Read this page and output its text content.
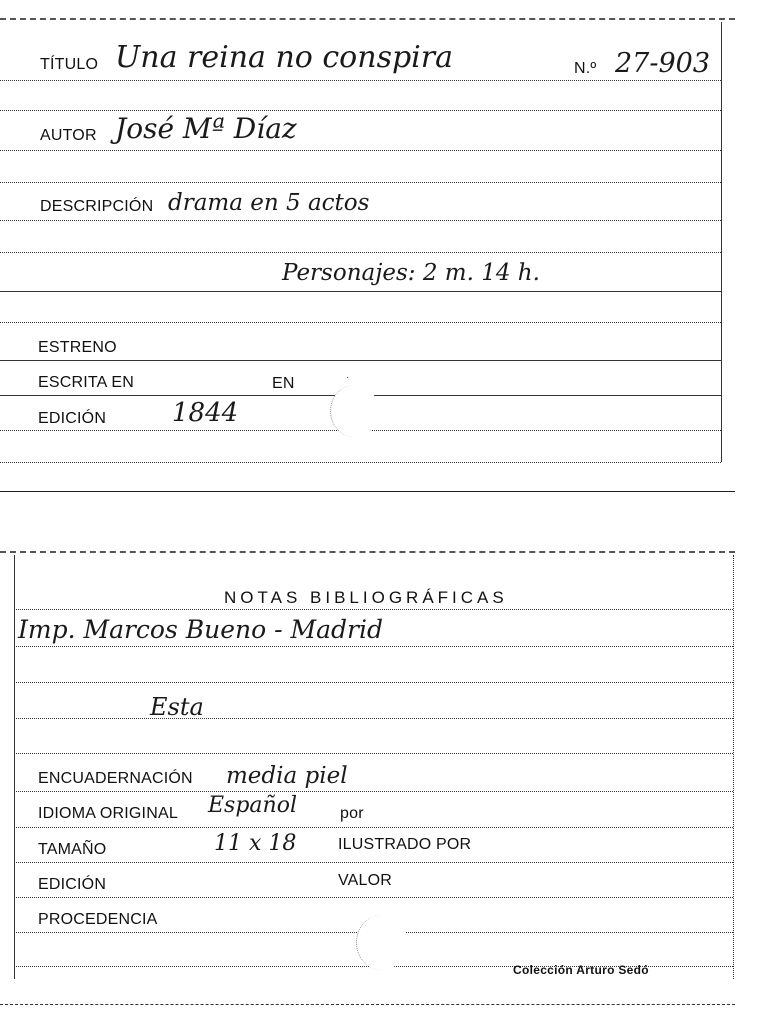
TÍTULO Una reina no conspira	N.º 27-903
AUTOR José Mª Díaz
DESCRIPCIÓN drama en 5 actos
Personajes: 2 m. 14 h.
ESTRENO
ESCRITA EN	EN
EDICIÓN	1844
·
NOTAS BIBLIOGRÁFICAS
Imp. Marcos Bueno - Madrid
Esta
ENCUADERNACIÓN media piel
IDIOMA ORIGINAL Español	por
TAMAÑO	11 x 18	ILUSTRADO POR
EDICIÓN	VALOR
PROCEDENCIA
Colección Arturo Sedó
